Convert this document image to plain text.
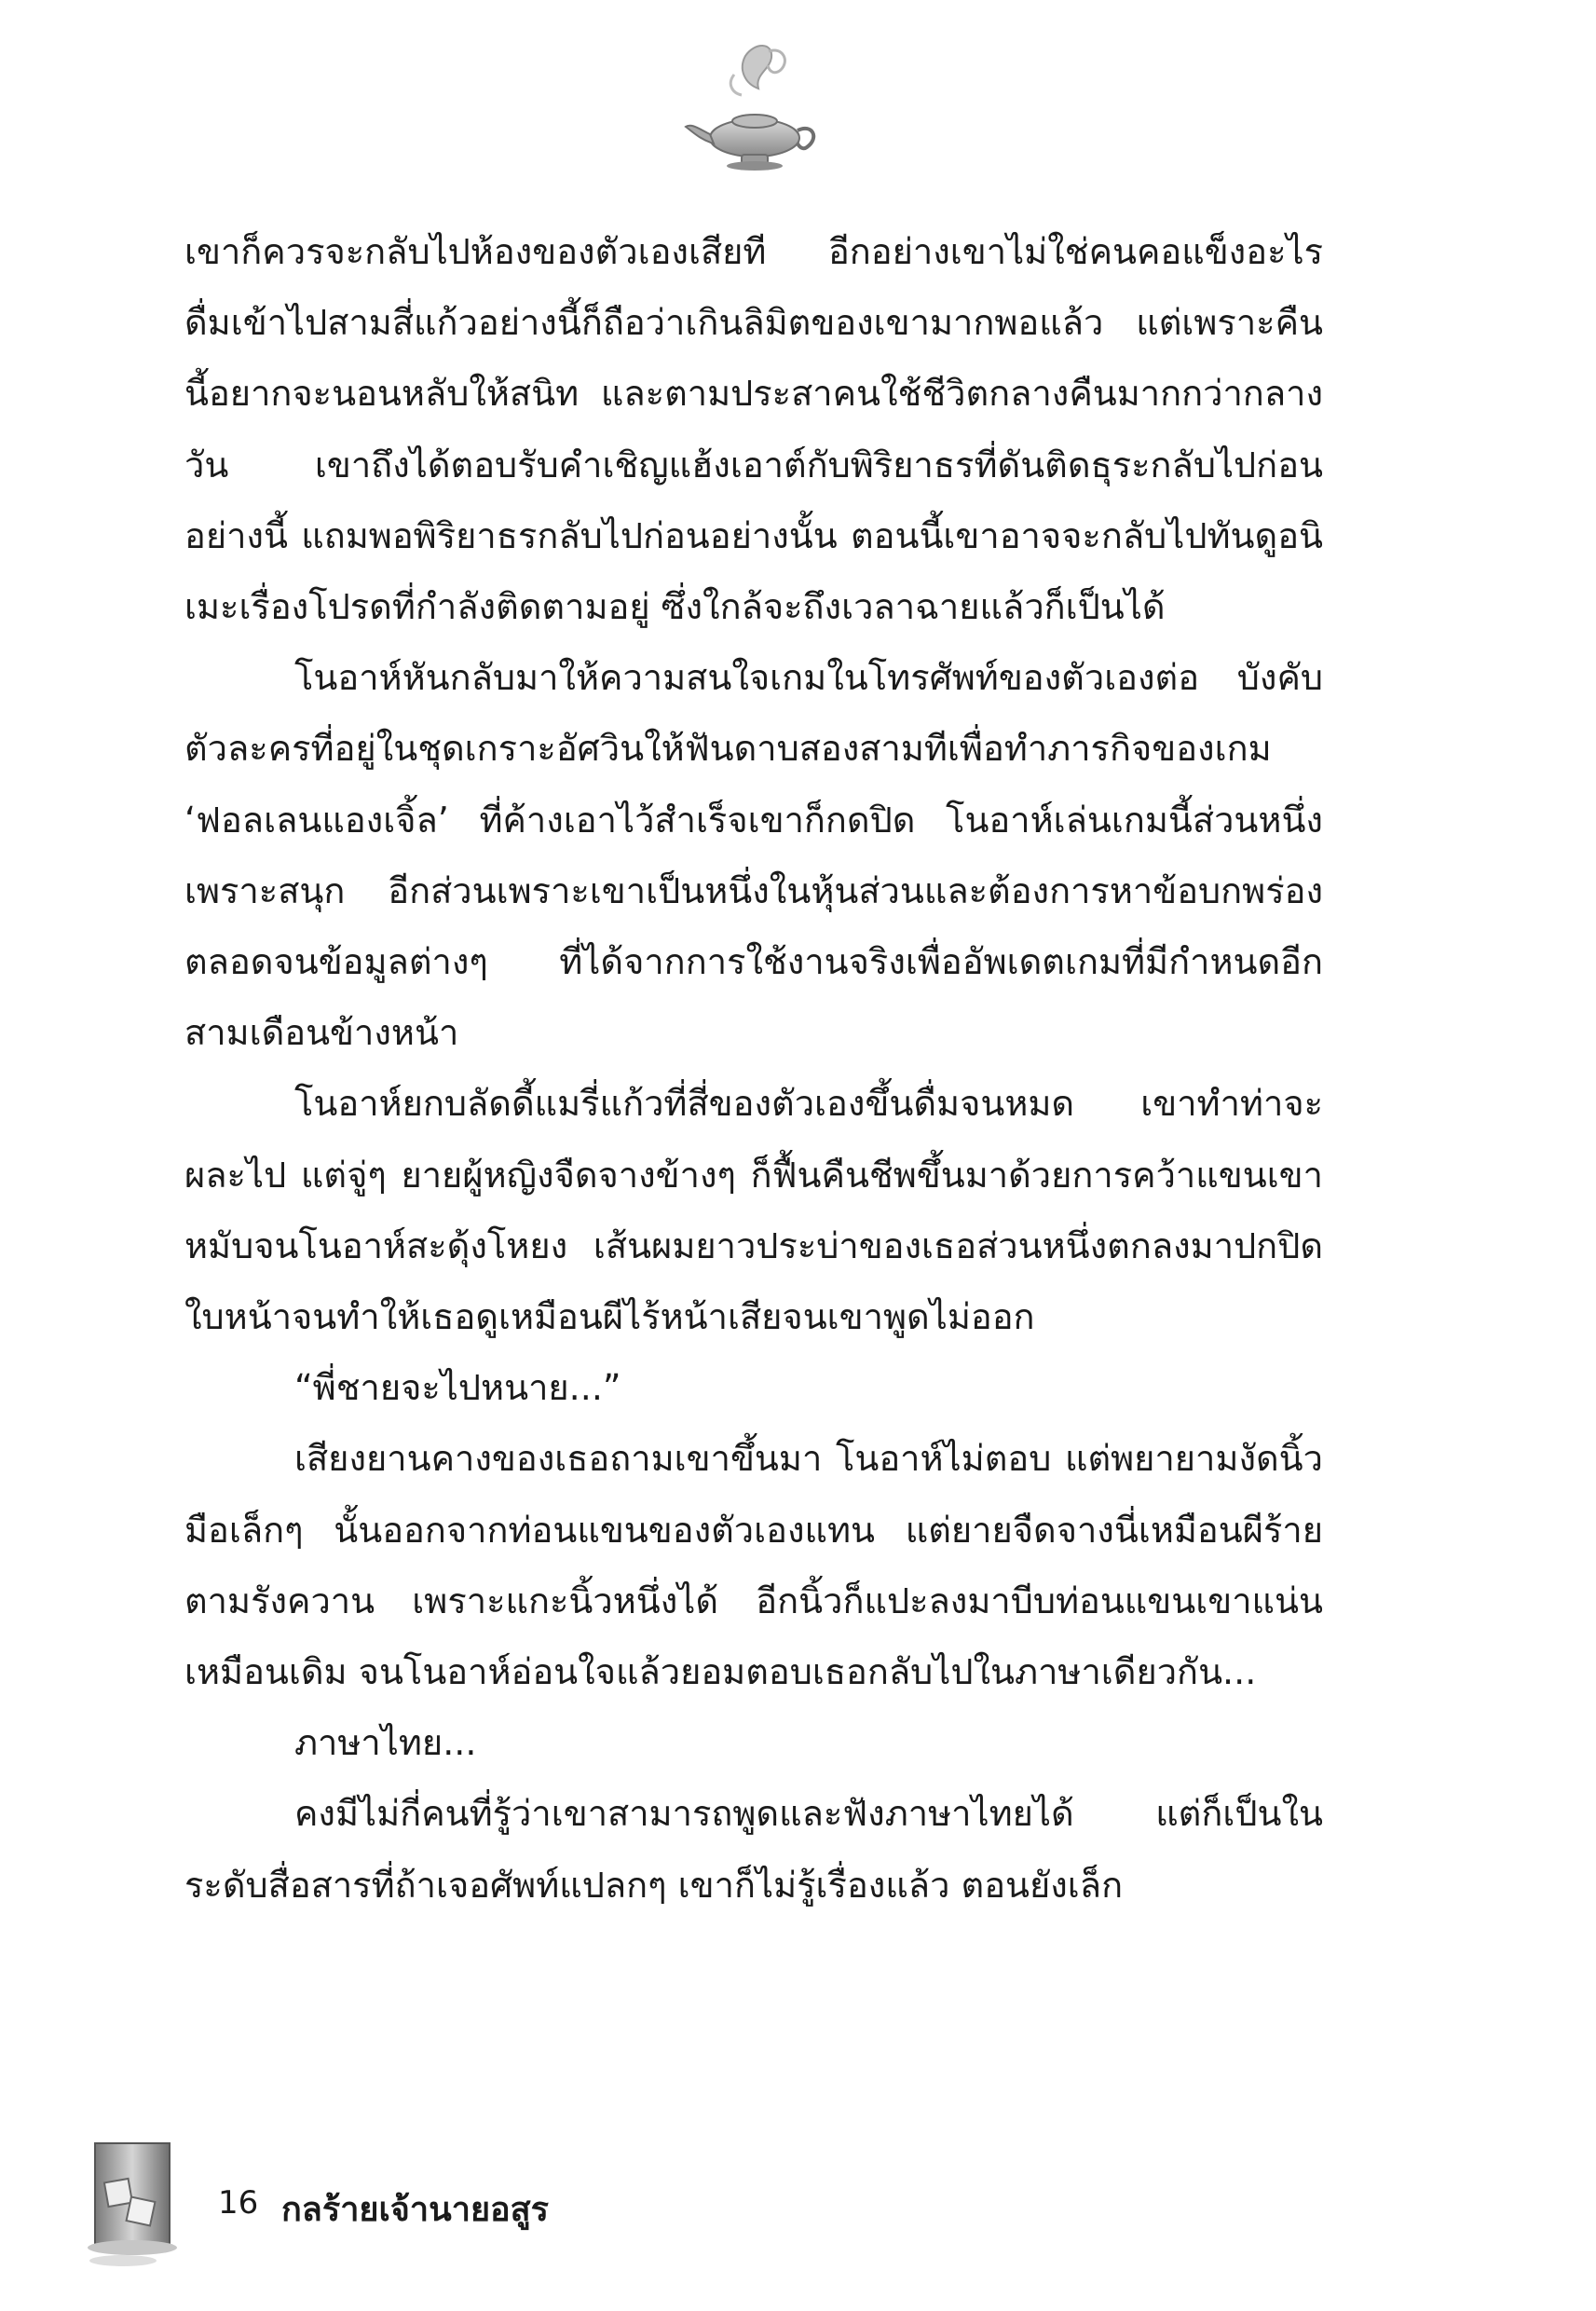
เขาก็ควรจะกลับไปห้องของตัวเองเสียที อีกอย่างเขาไม่ใช่คนคอแข็งอะไร ดื่มเข้าไปสามสี่แก้วอย่างนี้ก็ถือว่าเกินลิมิตของเขามากพอแล้ว แต่เพราะคืนนี้อยากจะนอนหลับให้สนิท และตามประสาคนใช้ชีวิตกลางคืนมากกว่ากลางวัน เขาถึงได้ตอบรับคำเชิญแฮ้งเอาต์กับพิริยาธรที่ดันติดธุระกลับไปก่อนอย่างนี้ แถมพอพิริยาธรกลับไปก่อนอย่างนั้น ตอนนี้เขาอาจจะกลับไปทันดูอนิเมะเรื่องโปรดที่กำลังติดตามอยู่ ซึ่งใกล้จะถึงเวลาฉายแล้วก็เป็นได้

โนอาห์หันกลับมาให้ความสนใจเกมในโทรศัพท์ของตัวเองต่อ บังคับตัวละครที่อยู่ในชุดเกราะอัศวินให้ฟันดาบสองสามทีเพื่อทำภารกิจของเกม ‘ฟอลเลนแองเจิ้ล’ ที่ค้างเอาไว้สำเร็จเขาก็กดปิด โนอาห์เล่นเกมนี้ส่วนหนึ่งเพราะสนุก อีกส่วนเพราะเขาเป็นหนึ่งในหุ้นส่วนและต้องการหาข้อบกพร่องตลอดจนข้อมูลต่างๆ ที่ได้จากการใช้งานจริงเพื่ออัพเดตเกมที่มีกำหนดอีกสามเดือนข้างหน้า

โนอาห์ยกบลัดดี้แมรี่แก้วที่สี่ของตัวเองขึ้นดื่มจนหมด เขาทำท่าจะผละไป แต่จู่ๆ ยายผู้หญิงจืดจางข้างๆ ก็ฟื้นคืนชีพขึ้นมาด้วยการคว้าแขนเขาหมับจนโนอาห์สะดุ้งโหยง เส้นผมยาวประบ่าของเธอส่วนหนึ่งตกลงมาปกปิดใบหน้าจนทำให้เธอดูเหมือนผีไร้หน้าเสียจนเขาพูดไม่ออก

“พี่ชายจะไปหนาย...”

เสียงยานคางของเธอถามเขาขึ้นมา โนอาห์ไม่ตอบ แต่พยายามงัดนิ้วมือเล็กๆ นั้นออกจากท่อนแขนของตัวเองแทน แต่ยายจืดจางนี่เหมือนผีร้ายตามรังควาน เพราะแกะนิ้วหนึ่งได้ อีกนิ้วก็แปะลงมาบีบท่อนแขนเขาแน่นเหมือนเดิม จนโนอาห์อ่อนใจแล้วยอมตอบเธอกลับไปในภาษาเดียวกัน...

ภาษาไทย...

คงมีไม่กี่คนที่รู้ว่าเขาสามารถพูดและฟังภาษาไทยได้ แต่ก็เป็นในระดับสื่อสารที่ถ้าเจอศัพท์แปลกๆ เขาก็ไม่รู้เรื่องแล้ว ตอนยังเล็ก

16 กลร้ายเจ้านายอสูร
